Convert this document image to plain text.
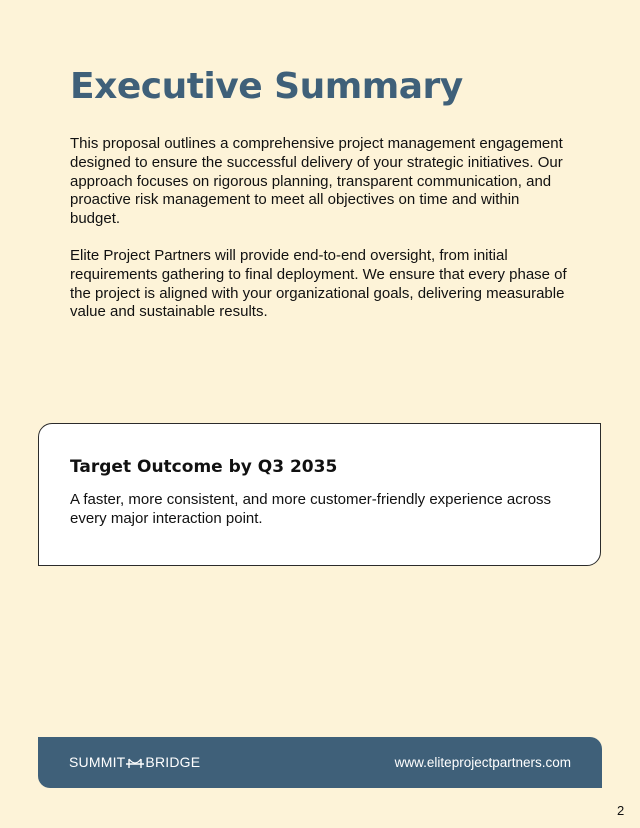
Executive Summary

This proposal outlines a comprehensive project management engagement designed to ensure the successful delivery of your strategic initiatives. Our approach focuses on rigorous planning, transparent communication, and proactive risk management to meet all objectives on time and within budget.

Elite Project Partners will provide end-to-end oversight, from initial requirements gathering to final deployment. We ensure that every phase of the project is aligned with your organizational goals, delivering measurable value and sustainable results.

Target Outcome by Q3 2035

A faster, more consistent, and more customer-friendly experience across every major interaction point.

SUMMIT BRIDGE	www.eliteprojectpartners.com
2
